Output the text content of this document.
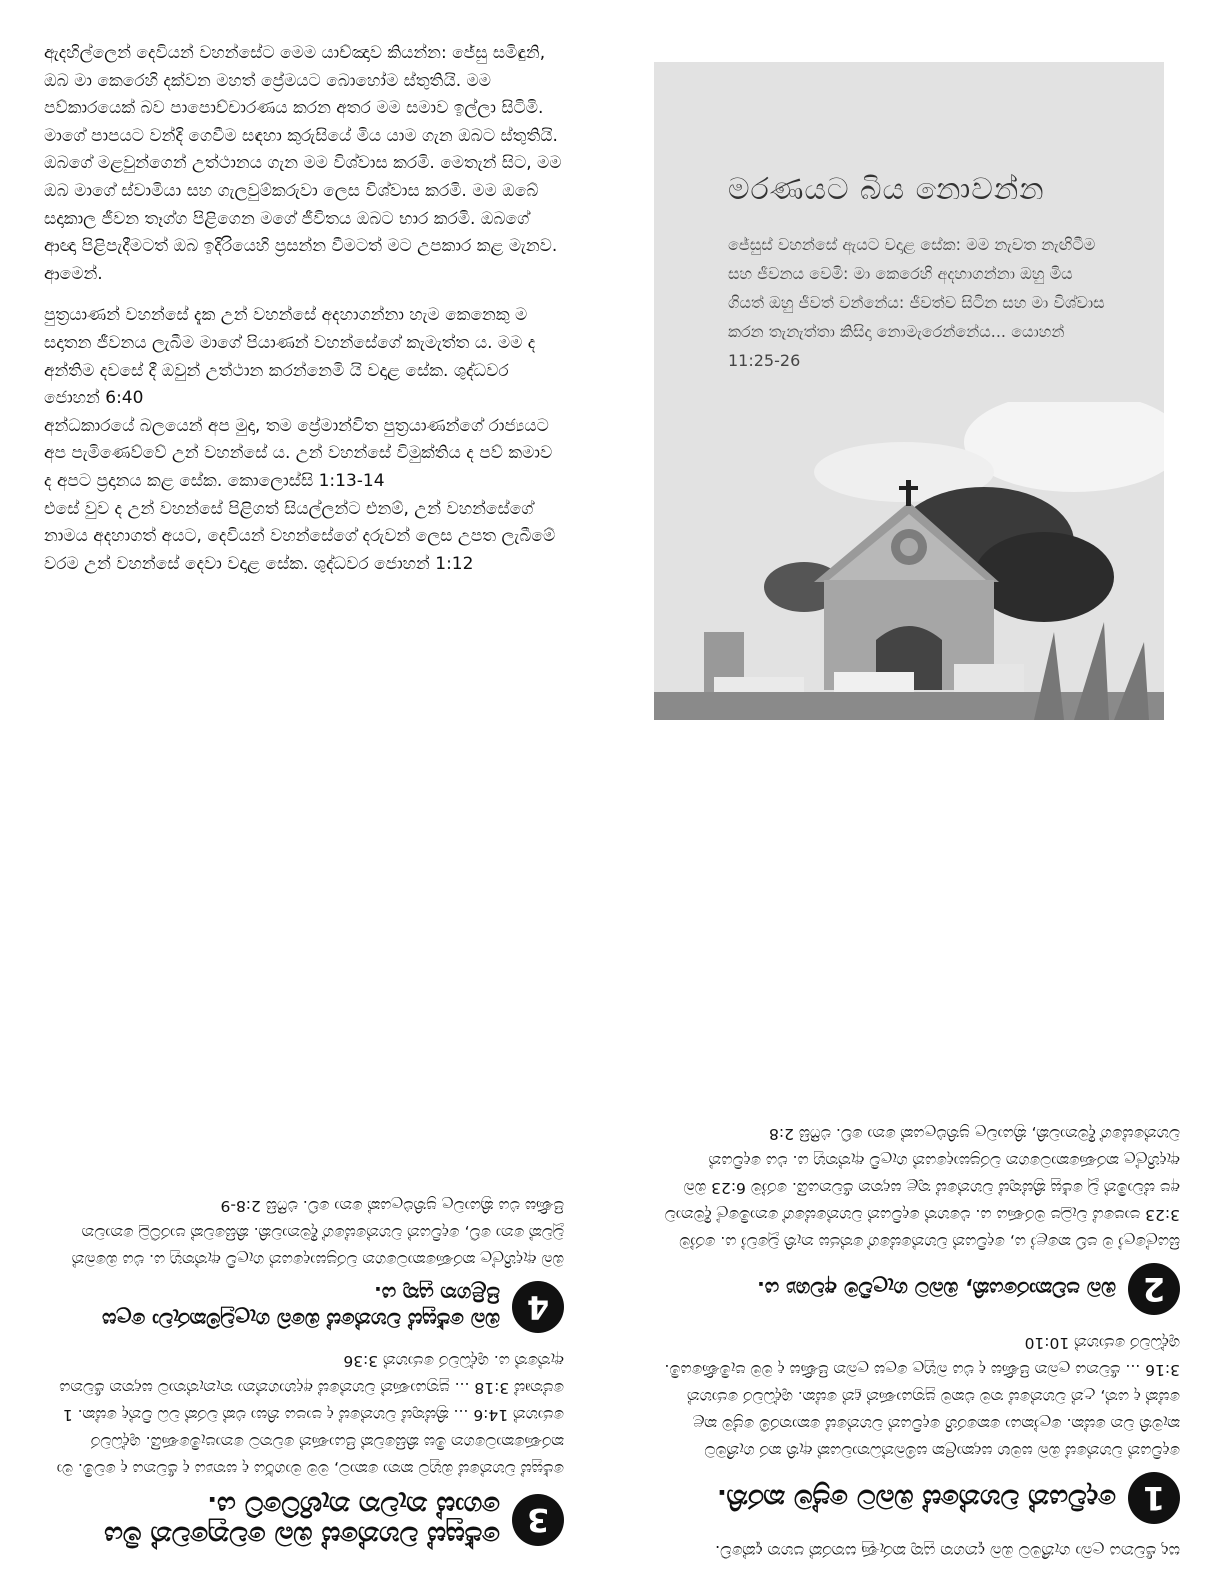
ඇදහිල්ලෙන් දෙවියන් වහන්සේට මෙම යාච්ඤාව කියන්න: ජේසු සමිඳුනි, ඔබ මා කෙරෙහි දක්වන මහත් ප්‍රේමයට බොහෝම ස්තුතියි. මම පව්කාරයෙක් බව පාපොච්චාරණය කරන අතර මම සමාව ඉල්ලා සිටිමි. මාගේ පාපයට වන්දි ගෙවීම සඳහා කුරුසියේ මිය යාම ගැන ඔබට ස්තුතියි. ඔබගේ මළවුන්ගෙන් උත්ථානය ගැන මම විශ්වාස කරමි. මෙතැන් සිට, මම ඔබ මාගේ ස්වාමියා සහ ගැලවුම්කරුවා ලෙස විශ්වාස කරමි. මම ඔබේ සදාකාල ජීවන තෑග්ග පිළිගෙන මගේ ජීවිතය ඔබට භාර කරමි. ඔබගේ ආඥා පිළිපැදීමටත් ඔබ ඉදිරියෙහි ප්‍රසන්න වීමටත් මට උපකාර කළ මැනව. ආමෙන්.

පුත්‍රයාණන් වහන්සේ දැක උන් වහන්සේ අදහාගන්නා හැම කෙනෙකු ම සදාතන ජීවනය ලැබීම මාගේ පියාණන් වහන්සේගේ කැමැත්ත ය. මම ද අන්තිම දවසේ දී ඔවුන් උත්ථාන කරන්නෙමි යි වදාළ සේක. ශුද්ධවර ජොහන් 6:40

අන්ධකාරයේ බලයෙන් අප මුදා, තම ප්‍රේමාන්විත පුත්‍රයාණන්ගේ රාජ්‍යයට අප පැමිණෙව්වේ උන් වහන්සේ ය. උන් වහන්සේ විමුක්තිය ද පව් කමාව ද අපට ප්‍රදානය කළ සේක. කොලොස්සි 1:13-14

එසේ වුව ද උන් වහන්සේ පිළිගත් සියල්ලන්ට එනම්, උන් වහන්සේගේ නාමය අදහාගත් අයට, දෙවියන් වහන්සේගේ දරුවන් ලෙස උපත ලැබීමේ වරම උන් වහන්සේ දෙවා වදාළ සේක. ශුද්ධවර ජොහන් 1:12

මරණයට බිය නොවන්න
ජේසුස් වහන්සේ ඇයට වදාළ සේක: මම නැවත නැඟිටීම සහ ජීවනය වෙමි: මා කෙරෙහි අදහාගන්නා ඔහු මිය ගියත් ඔහු ජීවත් වන්නේය: ජීවත්ව සිටින සහ මා විශ්වාස කරන තැනැත්තා කිසිදා නොමැරෙන්නේය... යොහන් 11:25-26
සදා ජීවනය ලබා ගැනීමට ඔබ දැනගත යුතු කරුණු සතරක් පහත දැක්වේ.
1
දෙවියන් වහන්සේ ඔබට ප්‍රේම කරති.
දෙවියන් වහන්සේ ඔබ සමඟ සදාකාලික සම්බන්ධතාවයක් ඇති කර ගැනීමට කැමති වන සේක. ලෝකයා කෙරෙහි දෙවියන් වහන්සේ කොතරම් ප්‍රේම කළ සේක් ද යත්, උන් වහන්සේ තම එකම පුත්‍රයාණන් දුන් සේක. ශුද්ධවර ජොහන් 3:16 ... ජීවනය ලබන පිණිස ද එය බහුල ලෙස ලබන පිණිස ද මම පැමිණියෙමි. ශුද්ධවර ජොහන් 10:10
2
ඔබ පව්කාරයෙකි, ඔබට ගැලවීම අවශ්‍ය ය.
සියල්ලෝ ම පව් කළෝ ය, දෙවියන් වහන්සේගේ තේජස නැති වූවෝ ය. රෝම 3:23 පාපයේ වැටුප මරණය ය. එහෙත් දෙවියන් වහන්සේගේ නොමිලේ දීමනාව අප ස්වාමීන් වූ ජේසු ක්‍රිස්තුස් වහන්සේ තුළ සදාතන ජීවනයයි. රෝම 6:23 ඔබ ඇදහිල්ල කරණකොටගෙන වරප්‍රසාදයෙන් ගැලවී ඇත්තහු ය. එය දෙවියන් වහන්සේගේ දීමනාවකි, ක්‍රියාවල ප්‍රතිඵලයක් නො වේ. එෆීසි 2:8
3
ජේසුස් වහන්සේ ඔබ වෙනුවෙන් මිය ගොස් නැවත නැඟිට්ටේ ය.
ජේසුස් වහන්සේ ඔහුට කතා කොට, මම මාර්ගය ද සත්‍යය ද ජීවනය ද වෙමි. මා කරණකොටගෙන මිස කිසිවෙක් පියාණන් වෙතට නොපැමිණෙයි. ශුද්ධවර ජොහන් 14:6 ... ක්‍රිස්තුස් වහන්සේ ද පාපය නිසා එක් වරක් වධ වින්ද සේක. 1 පේතෘස් 3:18 ... පුත්‍රයාණන් වහන්සේ අදහාගන්නා තැනැත්තාට සදාතන ජීවනය ඇත්තේ ය. ශුද්ධවර ජොහන් 3:36
4
ඔබ ජේසුස් වහන්සේ ඔබේ ගැලවුම්කරුවා ලෙස පිළිගත යුතු ය.
ඔබ ඇදහිල්ල කරණකොටගෙන වරප්‍රසාදයෙන් ගැලවී ඇත්තහු ය. එය ඔබෙන් වූවක් නො වේ, දෙවියන් වහන්සේගේ දීමනාවකි. කිසිවෙක් පාරට්ටු නොවන පිණිස එය ක්‍රියාවල ප්‍රතිඵලයක් නො වේ. එෆීසි 2:8-9
